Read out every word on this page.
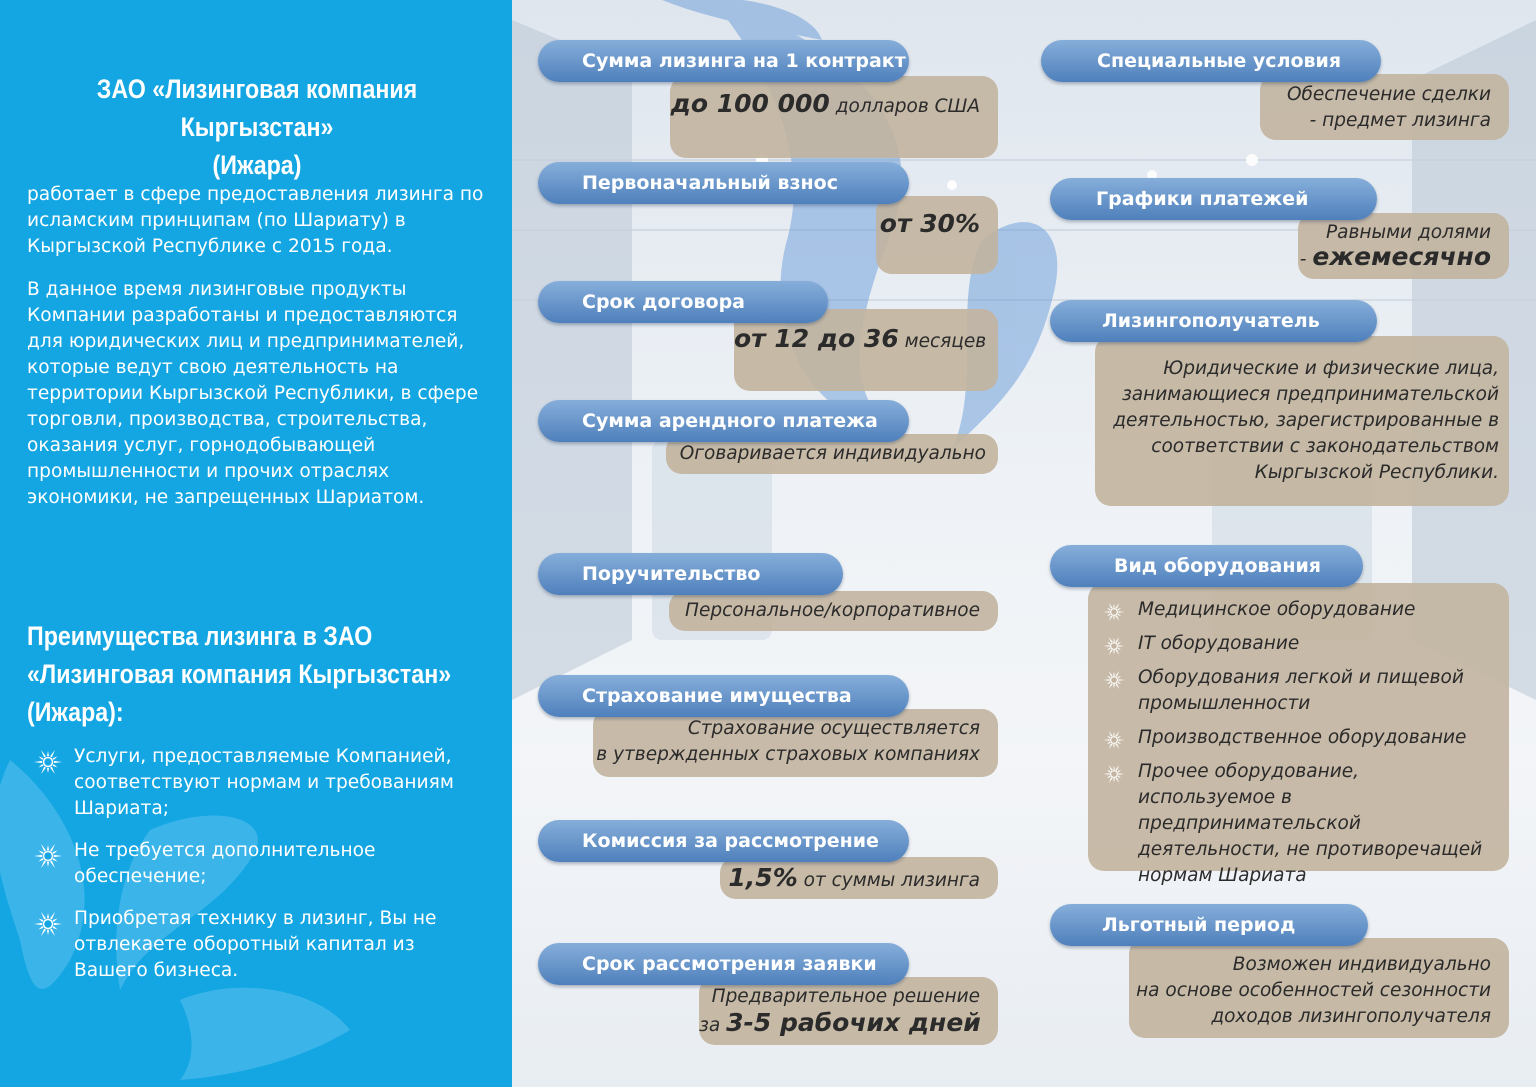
ЗАО «Лизинговая компания Кыргызстан»
(Ижара)

работает в сфере предоставления лизинга по исламским принципам (по Шариату) в Кыргызской Республике с 2015 года.

В данное время лизинговые продукты Компании разработаны и предоставляются для юридических лиц и предпринимателей, которые ведут свою деятельность на территории Кыргызской Республики, в сфере торговли, производства, строительства, оказания услуг, горнодобывающей промышленности и прочих отраслях экономики, не запрещенных Шариатом.

Преимущества лизинга в ЗАО
«Лизинговая компания Кыргызстан»
(Ижара):
Услуги, предоставляемые Компанией, соответствуют нормам и требованиям Шариата;
Не требуется дополнительное обеспечение;
Приобретая технику в лизинг, Вы не отвлекаете оборотный капитал из Вашего бизнеса.
Сумма лизинга на 1 контракт
до 100 000 долларов США
Первоначальный взнос
от 30%
Срок договора
от 12 до 36 месяцев
Сумма арендного платежа
Оговаривается индивидуально
Поручительство
Персональное/корпоративное
Страхование имущества
Страхование осуществляется
в утвержденных страховых компаниях
Комиссия за рассмотрение
1,5% от суммы лизинга
Срок рассмотрения заявки
Предварительное решение
за 3-5 рабочих дней
Специальные условия
Обеспечение сделки
- предмет лизинга
Графики платежей
Равными долями
- ежемесячно
Лизингополучатель
Юридические и физические лица,
занимающиеся предпринимательской
деятельностью, зарегистрированные в
соответствии с законодательством
Кыргызской Республики.
Вид оборудования
Медицинское оборудование
IT оборудование
Оборудования легкой и пищевой промышленности
Производственное оборудование
Прочее оборудование, используемое в предпринимательской деятельности, не противоречащей нормам Шариата
Льготный период
Возможен индивидуально
на основе особенностей сезонности
доходов лизингополучателя
